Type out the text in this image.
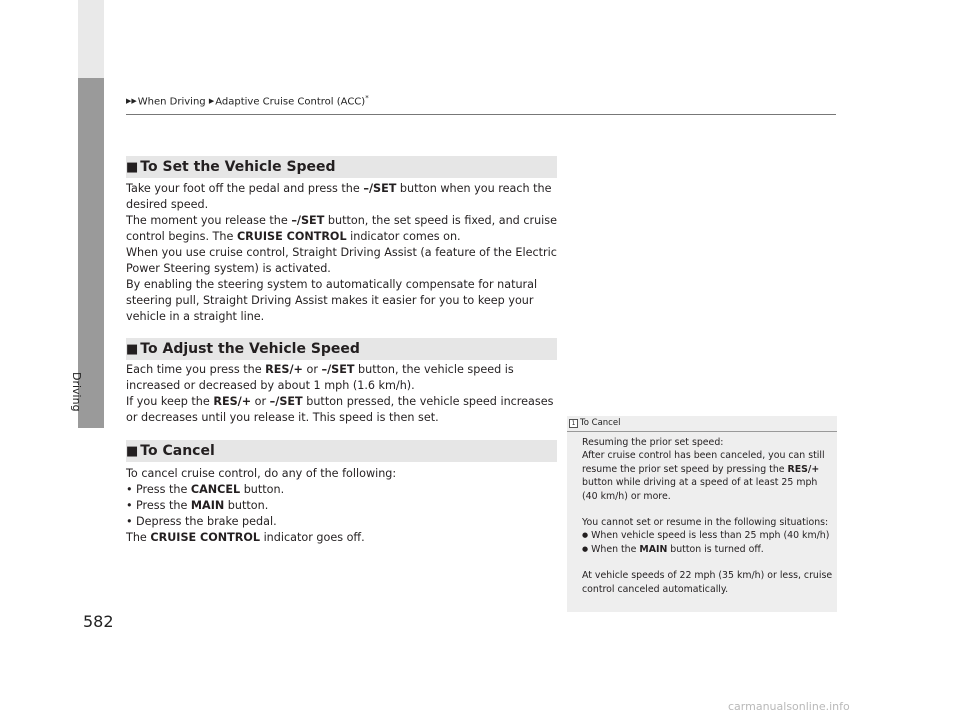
Driving
582
▶▶When Driving ▶Adaptive Cruise Control (ACC)*
■ To Set the Vehicle Speed

Take your foot off the pedal and press the –/SET button when you reach the desired speed.

The moment you release the –/SET button, the set speed is fixed, and cruise control begins. The CRUISE CONTROL indicator comes on.

When you use cruise control, Straight Driving Assist (a feature of the Electric Power Steering system) is activated.

By enabling the steering system to automatically compensate for natural steering pull, Straight Driving Assist makes it easier for you to keep your vehicle in a straight line.

■ To Adjust the Vehicle Speed

Each time you press the RES/+ or –/SET button, the vehicle speed is increased or decreased by about 1 mph (1.6 km/h).

If you keep the RES/+ or –/SET button pressed, the vehicle speed increases or decreases until you release it. This speed is then set.

■ To Cancel

To cancel cruise control, do any of the following:

• Press the CANCEL button.

• Press the MAIN button.

• Depress the brake pedal.

The CRUISE CONTROL indicator goes off.

1 To Cancel

Resuming the prior set speed:

After cruise control has been canceled, you can still resume the prior set speed by pressing the RES/+ button while driving at a speed of at least 25 mph (40 km/h) or more.

You cannot set or resume in the following situations:

● When vehicle speed is less than 25 mph (40 km/h)

● When the MAIN button is turned off.

At vehicle speeds of 22 mph (35 km/h) or less, cruise control canceled automatically.

carmanualsonline.info
